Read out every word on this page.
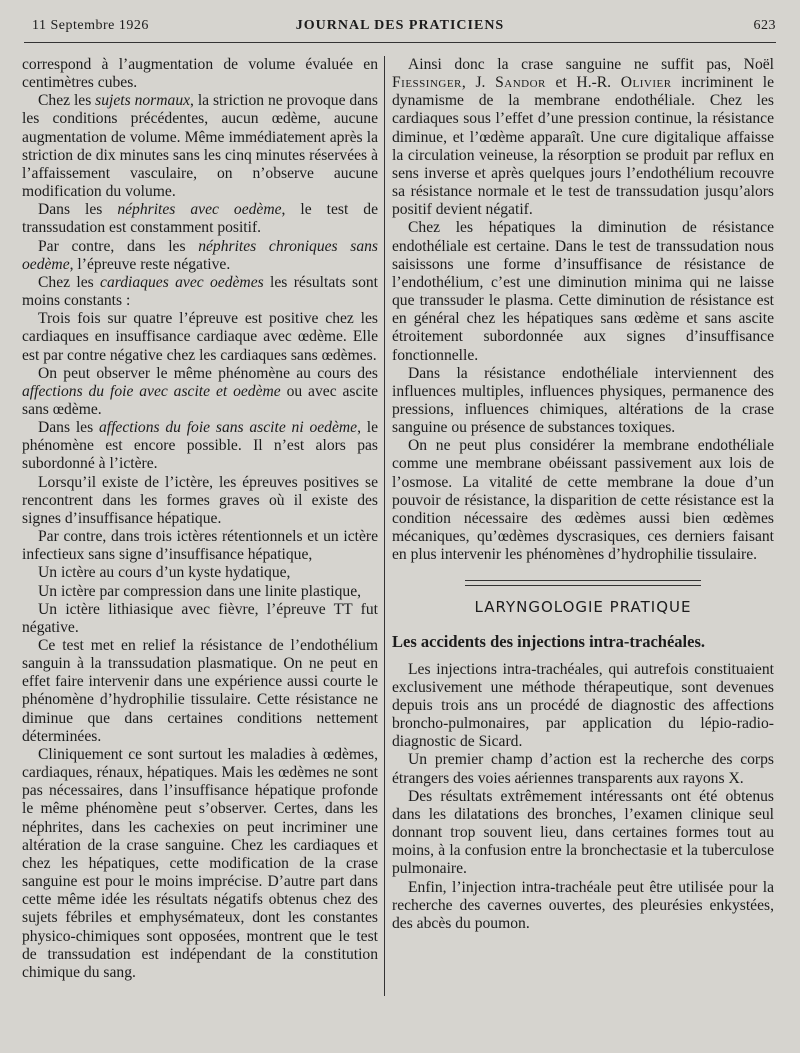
11 Septembre 1926	JOURNAL DES PRATICIENS	623

correspond à l’augmentation de volume évaluée en centimètres cubes.

Chez les sujets normaux, la striction ne provoque dans les conditions précédentes, aucun œdème, aucune augmentation de volume. Même immédiatement après la striction de dix minutes sans les cinq minutes réservées à l’affaissement vasculaire, on n’observe aucune modification du volume.

Dans les néphrites avec oedème, le test de transsudation est constamment positif.

Par contre, dans les néphrites chroniques sans oedème, l’épreuve reste négative.

Chez les cardiaques avec oedèmes les résultats sont moins constants :

Trois fois sur quatre l’épreuve est positive chez les cardiaques en insuffisance cardiaque avec œdème. Elle est par contre négative chez les cardiaques sans œdèmes.

On peut observer le même phénomène au cours des affections du foie avec ascite et oedème ou avec ascite sans œdème.

Dans les affections du foie sans ascite ni oedème, le phénomène est encore possible. Il n’est alors pas subordonné à l’ictère.

Lorsqu’il existe de l’ictère, les épreuves positives se rencontrent dans les formes graves où il existe des signes d’insuffisance hépatique.

Par contre, dans trois ictères rétentionnels et un ictère infectieux sans signe d’insuffisance hépatique,

Un ictère au cours d’un kyste hydatique,

Un ictère par compression dans une linite plastique,

Un ictère lithiasique avec fièvre, l’épreuve TT fut négative.

Ce test met en relief la résistance de l’endothélium sanguin à la transsudation plasmatique. On ne peut en effet faire intervenir dans une expérience aussi courte le phénomène d’hydrophilie tissulaire. Cette résistance ne diminue que dans certaines conditions nettement déterminées.

Cliniquement ce sont surtout les maladies à œdèmes, cardiaques, rénaux, hépatiques. Mais les œdèmes ne sont pas nécessaires, dans l’insuffisance hépatique profonde le même phénomène peut s’observer. Certes, dans les néphrites, dans les cachexies on peut incriminer une altération de la crase sanguine. Chez les cardiaques et chez les hépatiques, cette modification de la crase sanguine est pour le moins imprécise. D’autre part dans cette même idée les résultats négatifs obtenus chez des sujets fébriles et emphysémateux, dont les constantes physico-chimiques sont opposées, montrent que le test de transsudation est indépendant de la constitution chimique du sang.

Ainsi donc la crase sanguine ne suffit pas, Noël Fiessinger, J. Sandor et H.-R. Olivier incriminent le dynamisme de la membrane endothéliale. Chez les cardiaques sous l’effet d’une pression continue, la résistance diminue, et l’œdème apparaît. Une cure digitalique affaisse la circulation veineuse, la résorption se produit par reflux en sens inverse et après quelques jours l’endothélium recouvre sa résistance normale et le test de transsudation jusqu’alors positif devient négatif.

Chez les hépatiques la diminution de résistance endothéliale est certaine. Dans le test de transsudation nous saisissons une forme d’insuffisance de résistance de l’endothélium, c’est une diminution minima qui ne laisse que transsuder le plasma. Cette diminution de résistance est en général chez les hépatiques sans œdème et sans ascite étroitement subordonnée aux signes d’insuffisance fonctionnelle.

Dans la résistance endothéliale interviennent des influences multiples, influences physiques, permanence des pressions, influences chimiques, altérations de la crase sanguine ou présence de substances toxiques.

On ne peut plus considérer la membrane endothéliale comme une membrane obéissant passivement aux lois de l’osmose. La vitalité de cette membrane la doue d’un pouvoir de résistance, la disparition de cette résistance est la condition nécessaire des œdèmes aussi bien œdèmes mécaniques, qu’œdèmes dyscrasiques, ces derniers faisant en plus intervenir les phénomènes d’hydrophilie tissulaire.

LARYNGOLOGIE PRATIQUE
Les accidents des injections intra-trachéales.

Les injections intra-trachéales, qui autrefois constituaient exclusivement une méthode thérapeutique, sont devenues depuis trois ans un procédé de diagnostic des affections broncho-pulmonaires, par application du lépio-radio-diagnostic de Sicard.

Un premier champ d’action est la recherche des corps étrangers des voies aériennes transparents aux rayons X.

Des résultats extrêmement intéressants ont été obtenus dans les dilatations des bronches, l’examen clinique seul donnant trop souvent lieu, dans certaines formes tout au moins, à la confusion entre la bronchectasie et la tuberculose pulmonaire.

Enfin, l’injection intra-trachéale peut être utilisée pour la recherche des cavernes ouvertes, des pleurésies enkystées, des abcès du poumon.
